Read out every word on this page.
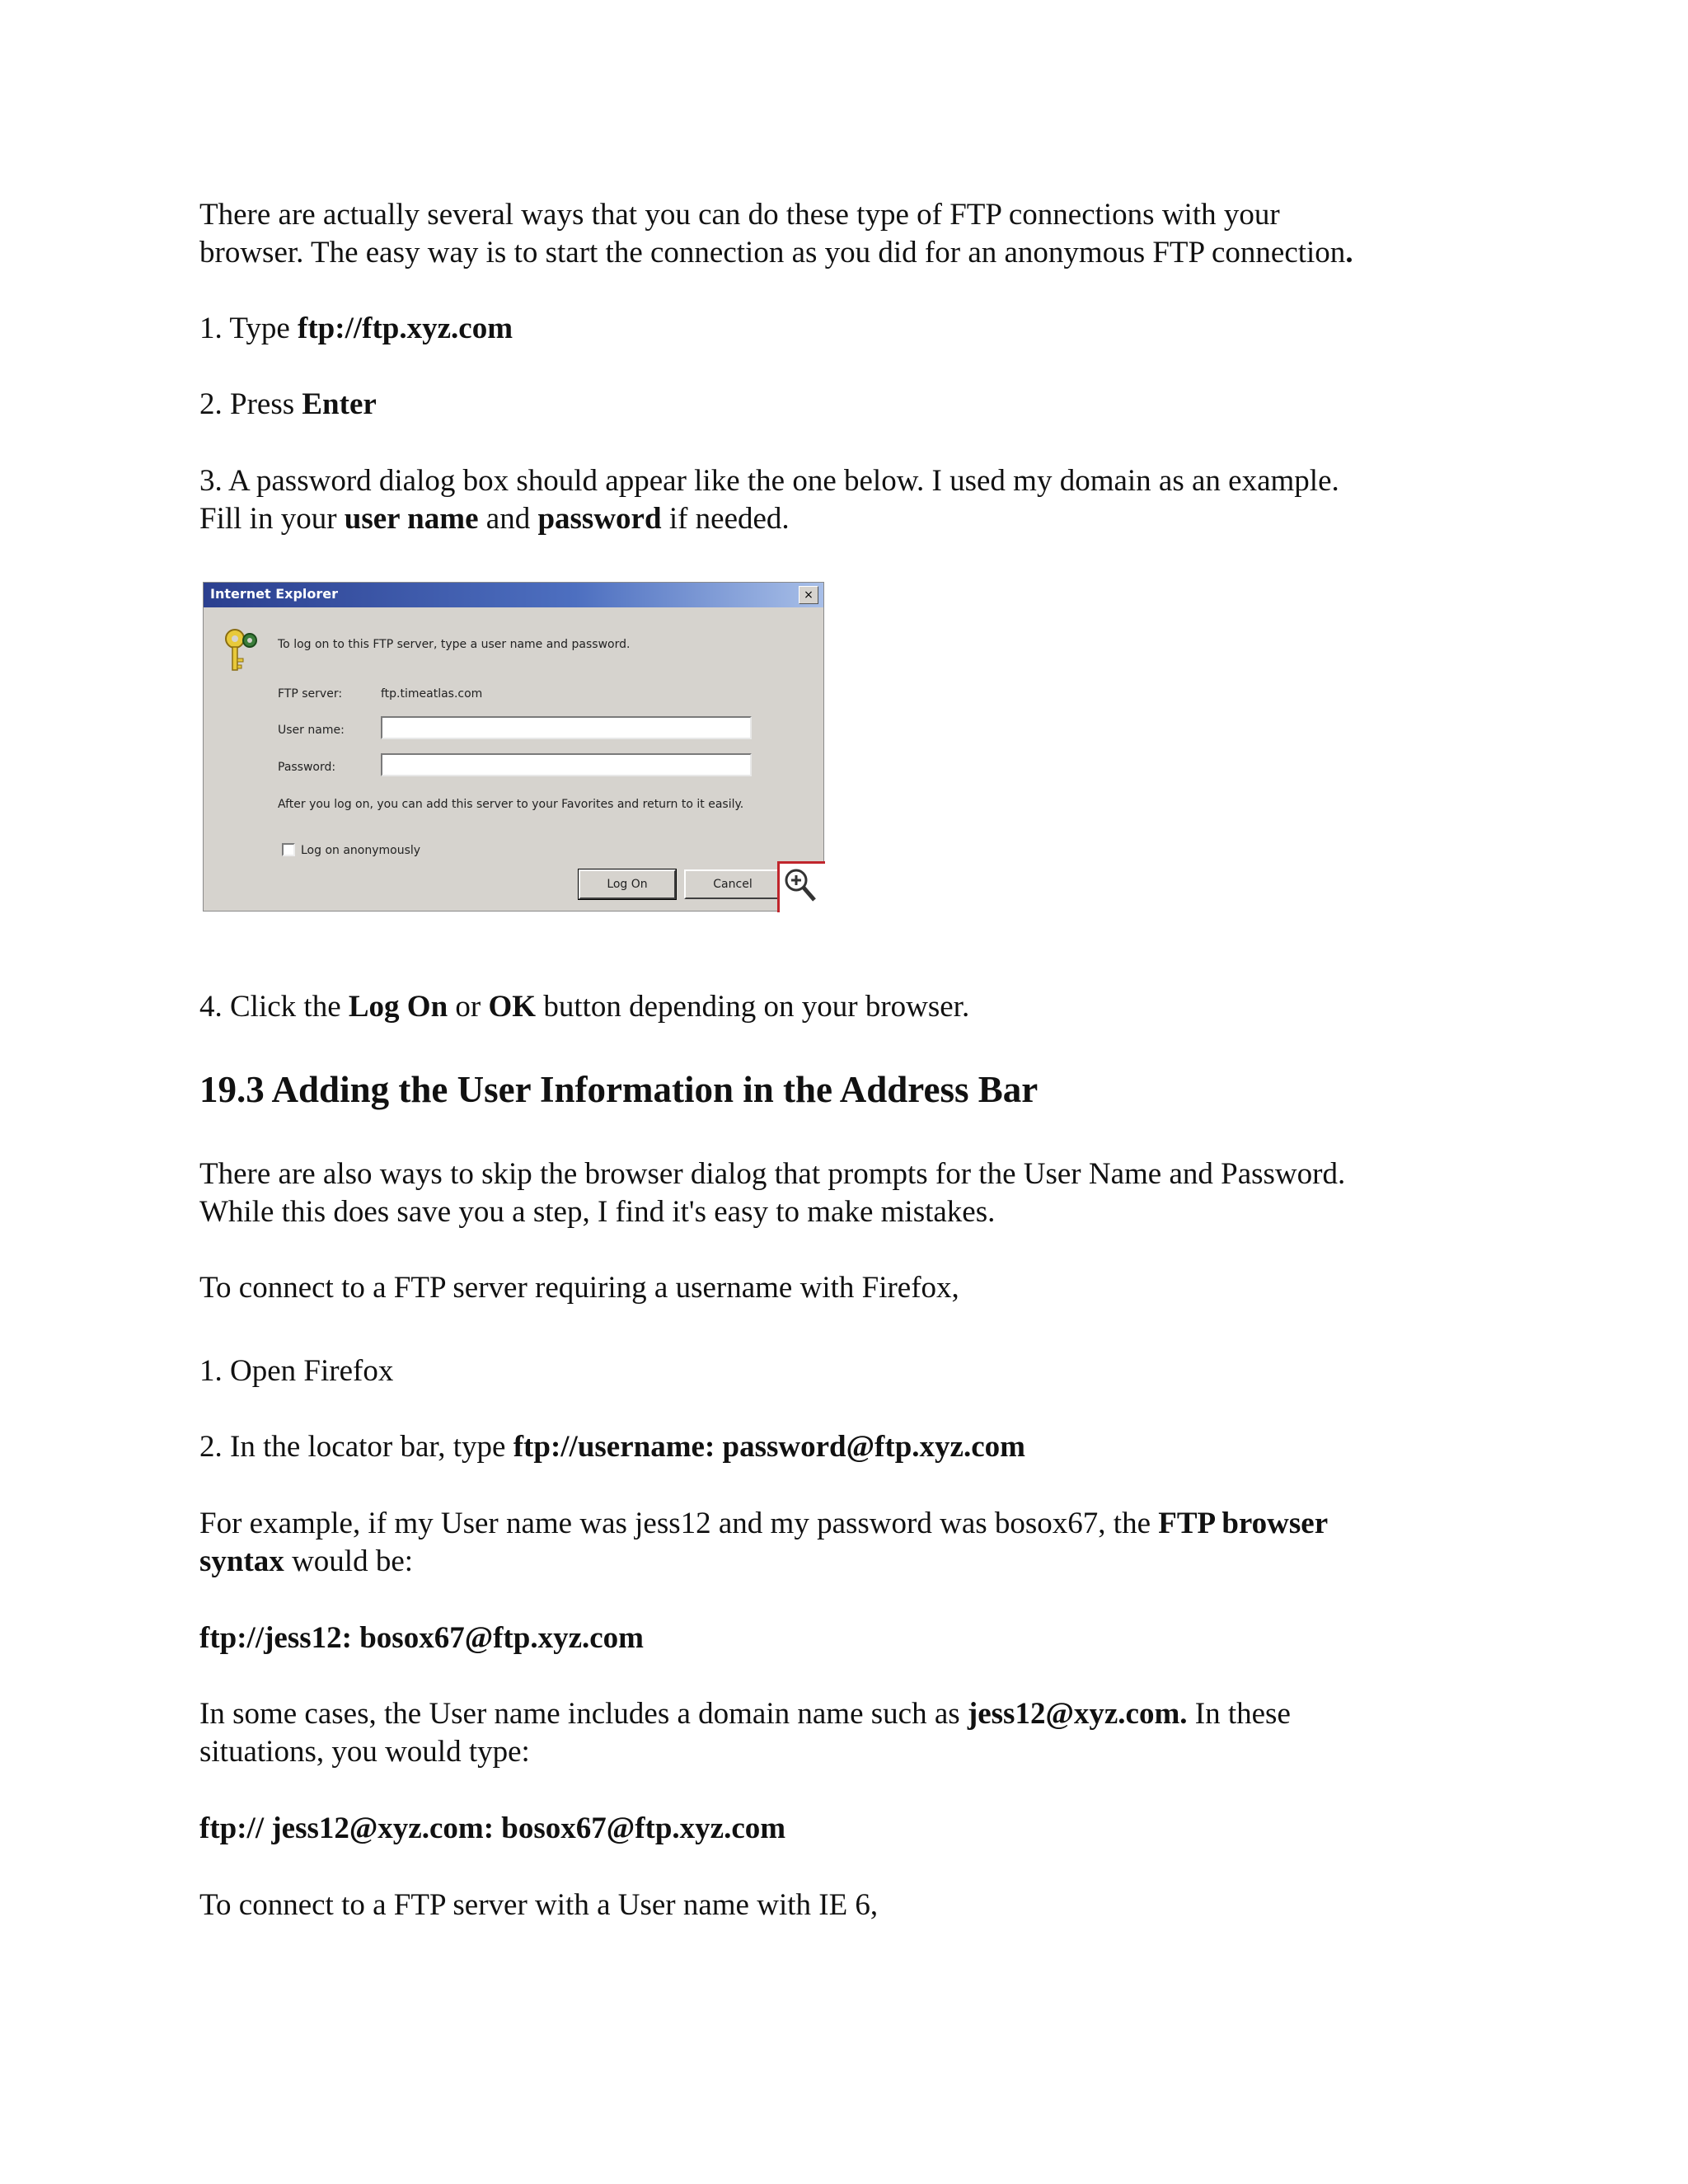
There are actually several ways that you can do these type of FTP connections with your

browser. The easy way is to start the connection as you did for an anonymous FTP connection.

1. Type ftp://ftp.xyz.com

2. Press Enter

3. A password dialog box should appear like the one below. I used my domain as an example.

Fill in your user name and password if needed.

Internet Explorer	×
To log on to this FTP server, type a user name and password.
FTP server:	ftp.timeatlas.com
User name:
Password:
After you log on, you can add this server to your Favorites and return to it easily.
Log on anonymously
Log On	Cancel

4. Click the Log On or OK button depending on your browser.

19.3 Adding the User Information in the Address Bar

There are also ways to skip the browser dialog that prompts for the User Name and Password.

While this does save you a step, I find it's easy to make mistakes.

To connect to a FTP server requiring a username with Firefox,

1. Open Firefox

2. In the locator bar, type ftp://username: password@ftp.xyz.com

For example, if my User name was jess12 and my password was bosox67, the FTP browser

syntax would be:

ftp://jess12: bosox67@ftp.xyz.com

In some cases, the User name includes a domain name such as jess12@xyz.com. In these

situations, you would type:

ftp:// jess12@xyz.com: bosox67@ftp.xyz.com

To connect to a FTP server with a User name with IE 6,
